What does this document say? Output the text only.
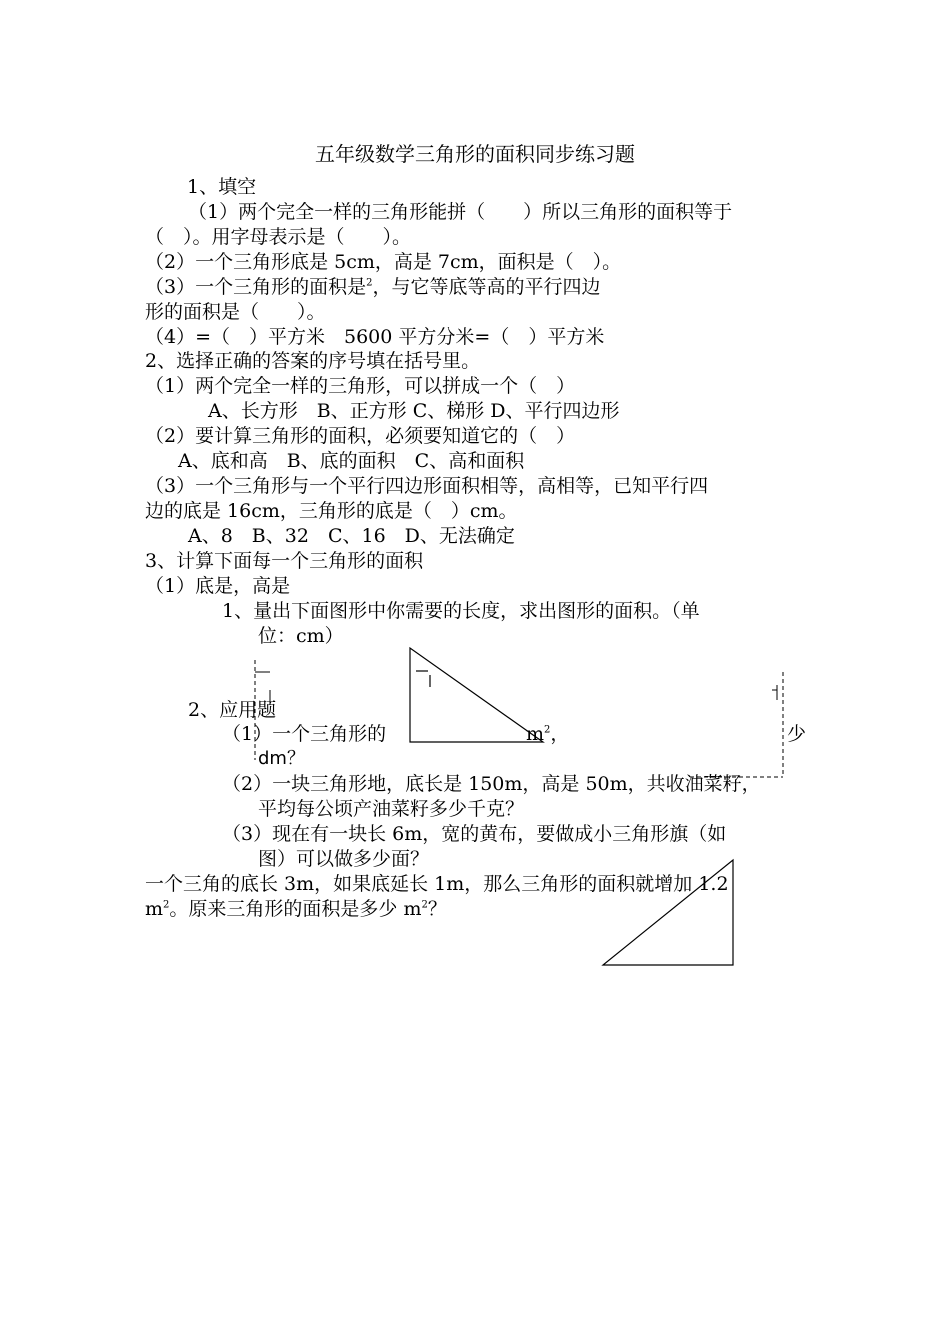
五年级数学三角形的面积同步练习题
1、填空
（1）两个完全一样的三角形能拼（　　）所以三角形的面积等于
（　）。用字母表示是（　　）。
（2）一个三角形底是 5cm，高是 7cm，面积是（　）。
（3）一个三角形的面积是$^2$，与它等底等高的平行四边
形的面积是（　　）。
（4）=（　）平方米　5600 平方分米=（　）平方米
2、选择正确的答案的序号填在括号里。
（1）两个完全一样的三角形，可以拼成一个（　）
A、长方形　B、正方形 C、梯形 D、平行四边形
（2）要计算三角形的面积，必须要知道它的（　）
A、底和高　B、底的面积　C、高和面积
（3）一个三角形与一个平行四边形面积相等，高相等，已知平行四
边的底是 16cm，三角形的底是（　）cm。
A、8　B、32　C、16　D、无法确定
3、计算下面每一个三角形的面积
（1）底是，高是
1、量出下面图形中你需要的长度，求出图形的面积。（单
位：cm）
2、应用题
（1）一个三角形的	$m^2$，	少
dm？
（2）一块三角形地，底长是 150m，高是 50m，共收油菜籽，
平均每公顷产油菜籽多少千克？
（3）现在有一块长 6m，宽的黄布，要做成小三角形旗（如
图）可以做多少面？
一个三角的底长 3m，如果底延长 1m，那么三角形的面积就增加 1.2
$m^2$。原来三角形的面积是多少 $m^2$？
